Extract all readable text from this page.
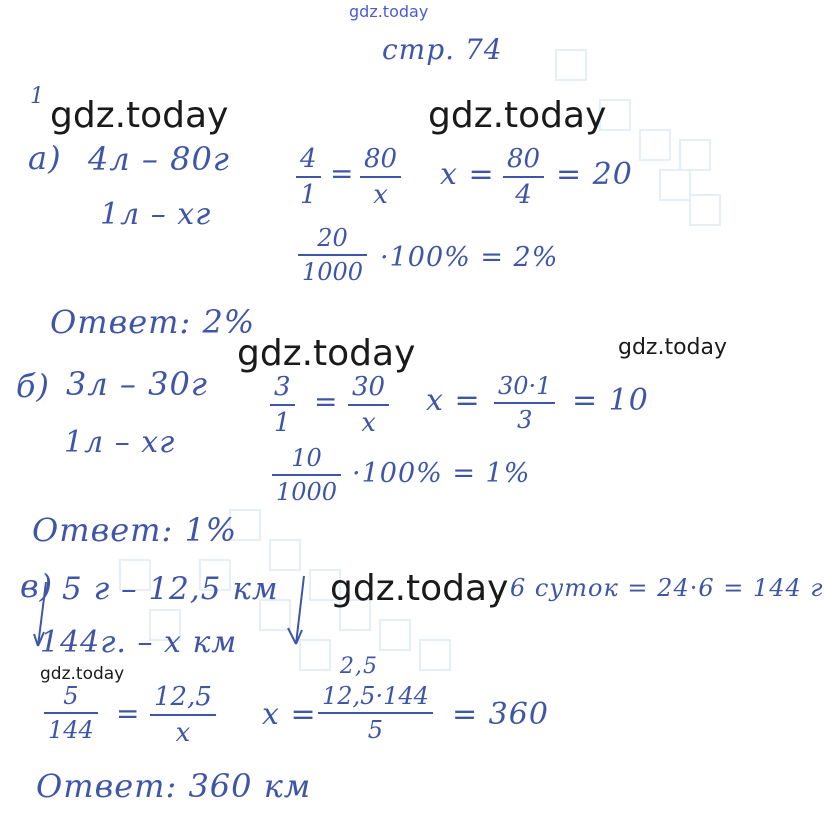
gdz.today
gdz.today	gdz.today
gdz.today	gdz.today
gdz.today
gdz.today
стр. 74
1
а) 4л – 80г
1л – хг
4
1
= 80
х
х = 80
4
= 20
20
1000 ·100% = 2%
Ответ: 2%
б) 3л – 30г
1л – хг
3
1
= 30
х
х = 30·1
3
= 10
10
1000
·100% = 1%
Ответ: 1%
в) 5 г – 12,5 км
144г. – х км
6 суток = 24·6 = 144 г
5
144 = 12,5
х
х =
2,5
12,5·144
5 = 360
Ответ: 360 км
